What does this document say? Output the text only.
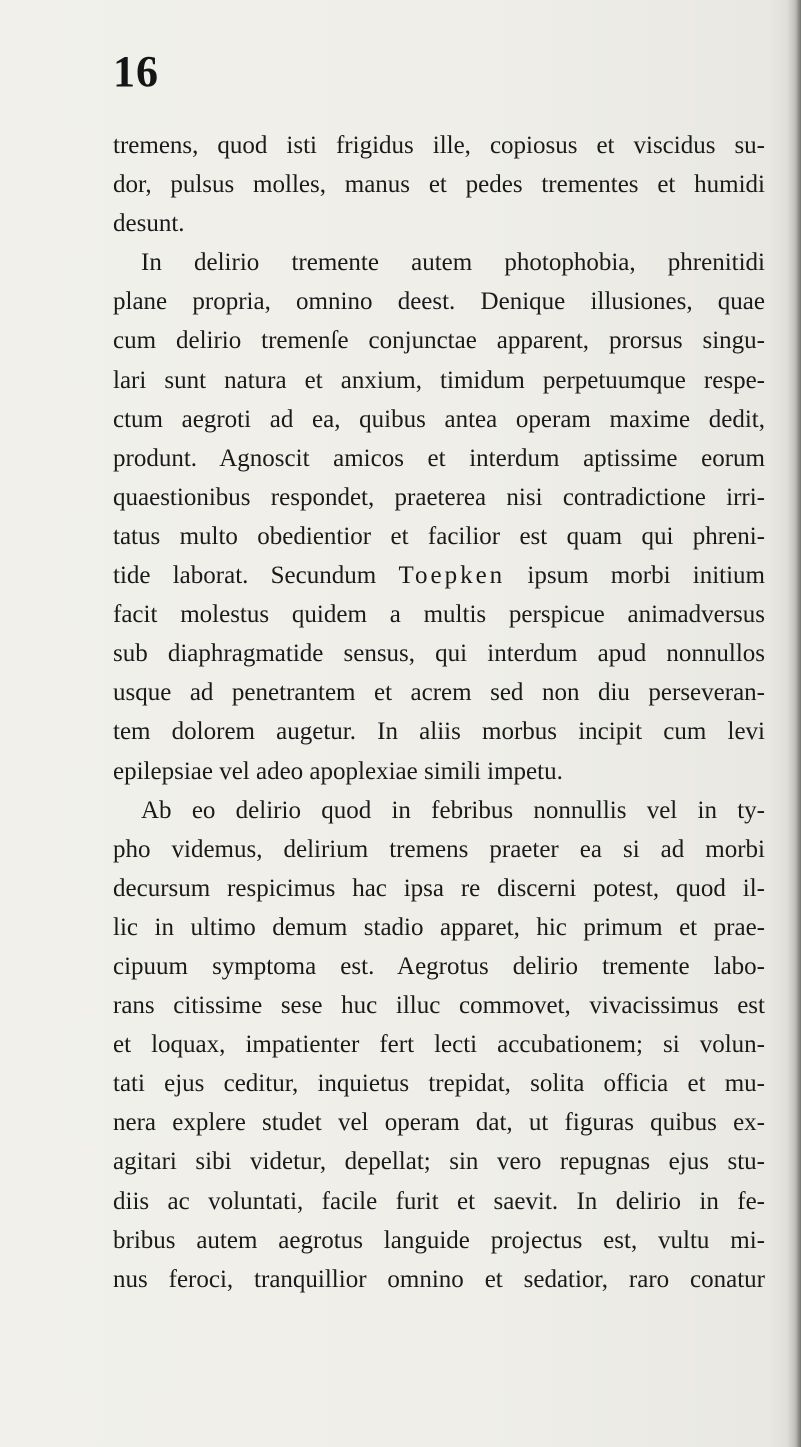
16
tremens, quod isti frigidus ille, copiosus et viscidus su-
dor, pulsus molles, manus et pedes trementes et humidi
desunt.
In delirio tremente autem photophobia, phrenitidi
plane propria, omnino deest. Denique illusiones, quae
cum delirio tremenſe conjunctae apparent, prorsus singu-
lari sunt natura et anxium, timidum perpetuumque respe-
ctum aegroti ad ea, quibus antea operam maxime dedit,
produnt. Agnoscit amicos et interdum aptissime eorum
quaestionibus respondet, praeterea nisi contradictione irri-
tatus multo obedientior et facilior est quam qui phreni-
tide laborat. Secundum Toepken ipsum morbi initium
facit molestus quidem a multis perspicue animadversus
sub diaphragmatide sensus, qui interdum apud nonnullos
usque ad penetrantem et acrem sed non diu perseveran-
tem dolorem augetur. In aliis morbus incipit cum levi
epilepsiae vel adeo apoplexiae simili impetu.
Ab eo delirio quod in febribus nonnullis vel in ty-
pho videmus, delirium tremens praeter ea si ad morbi
decursum respicimus hac ipsa re discerni potest, quod il-
lic in ultimo demum stadio apparet, hic primum et prae-
cipuum symptoma est. Aegrotus delirio tremente labo-
rans citissime sese huc illuc commovet, vivacissimus est
et loquax, impatienter fert lecti accubationem; si volun-
tati ejus ceditur, inquietus trepidat, solita officia et mu-
nera explere studet vel operam dat, ut figuras quibus ex-
agitari sibi videtur, depellat; sin vero repugnas ejus stu-
diis ac voluntati, facile furit et saevit. In delirio in fe-
bribus autem aegrotus languide projectus est, vultu mi-
nus feroci, tranquillior omnino et sedatior, raro conatur
